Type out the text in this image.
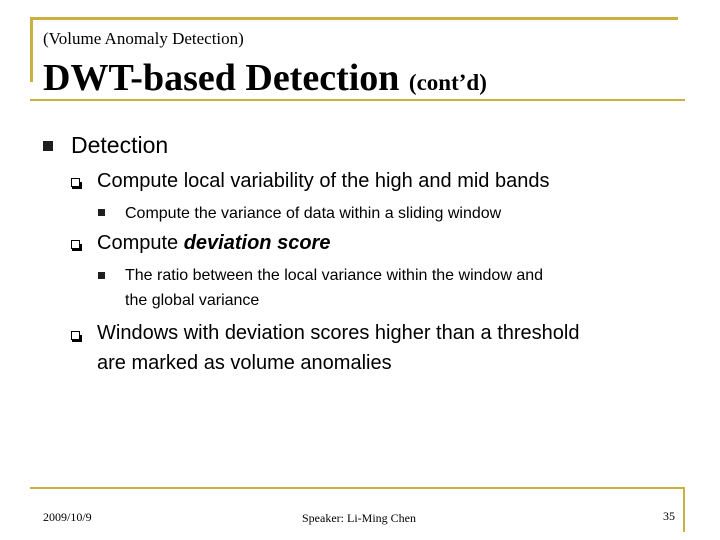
(Volume Anomaly Detection)
DWT-based Detection (cont’d)
Detection
Compute local variability of the high and mid bands
Compute the variance of data within a sliding window
Compute deviation score
The ratio between the local variance within the window and
the global variance
Windows with deviation scores higher than a threshold
are marked as volume anomalies
2009/10/9	Speaker: Li-Ming Chen	35
